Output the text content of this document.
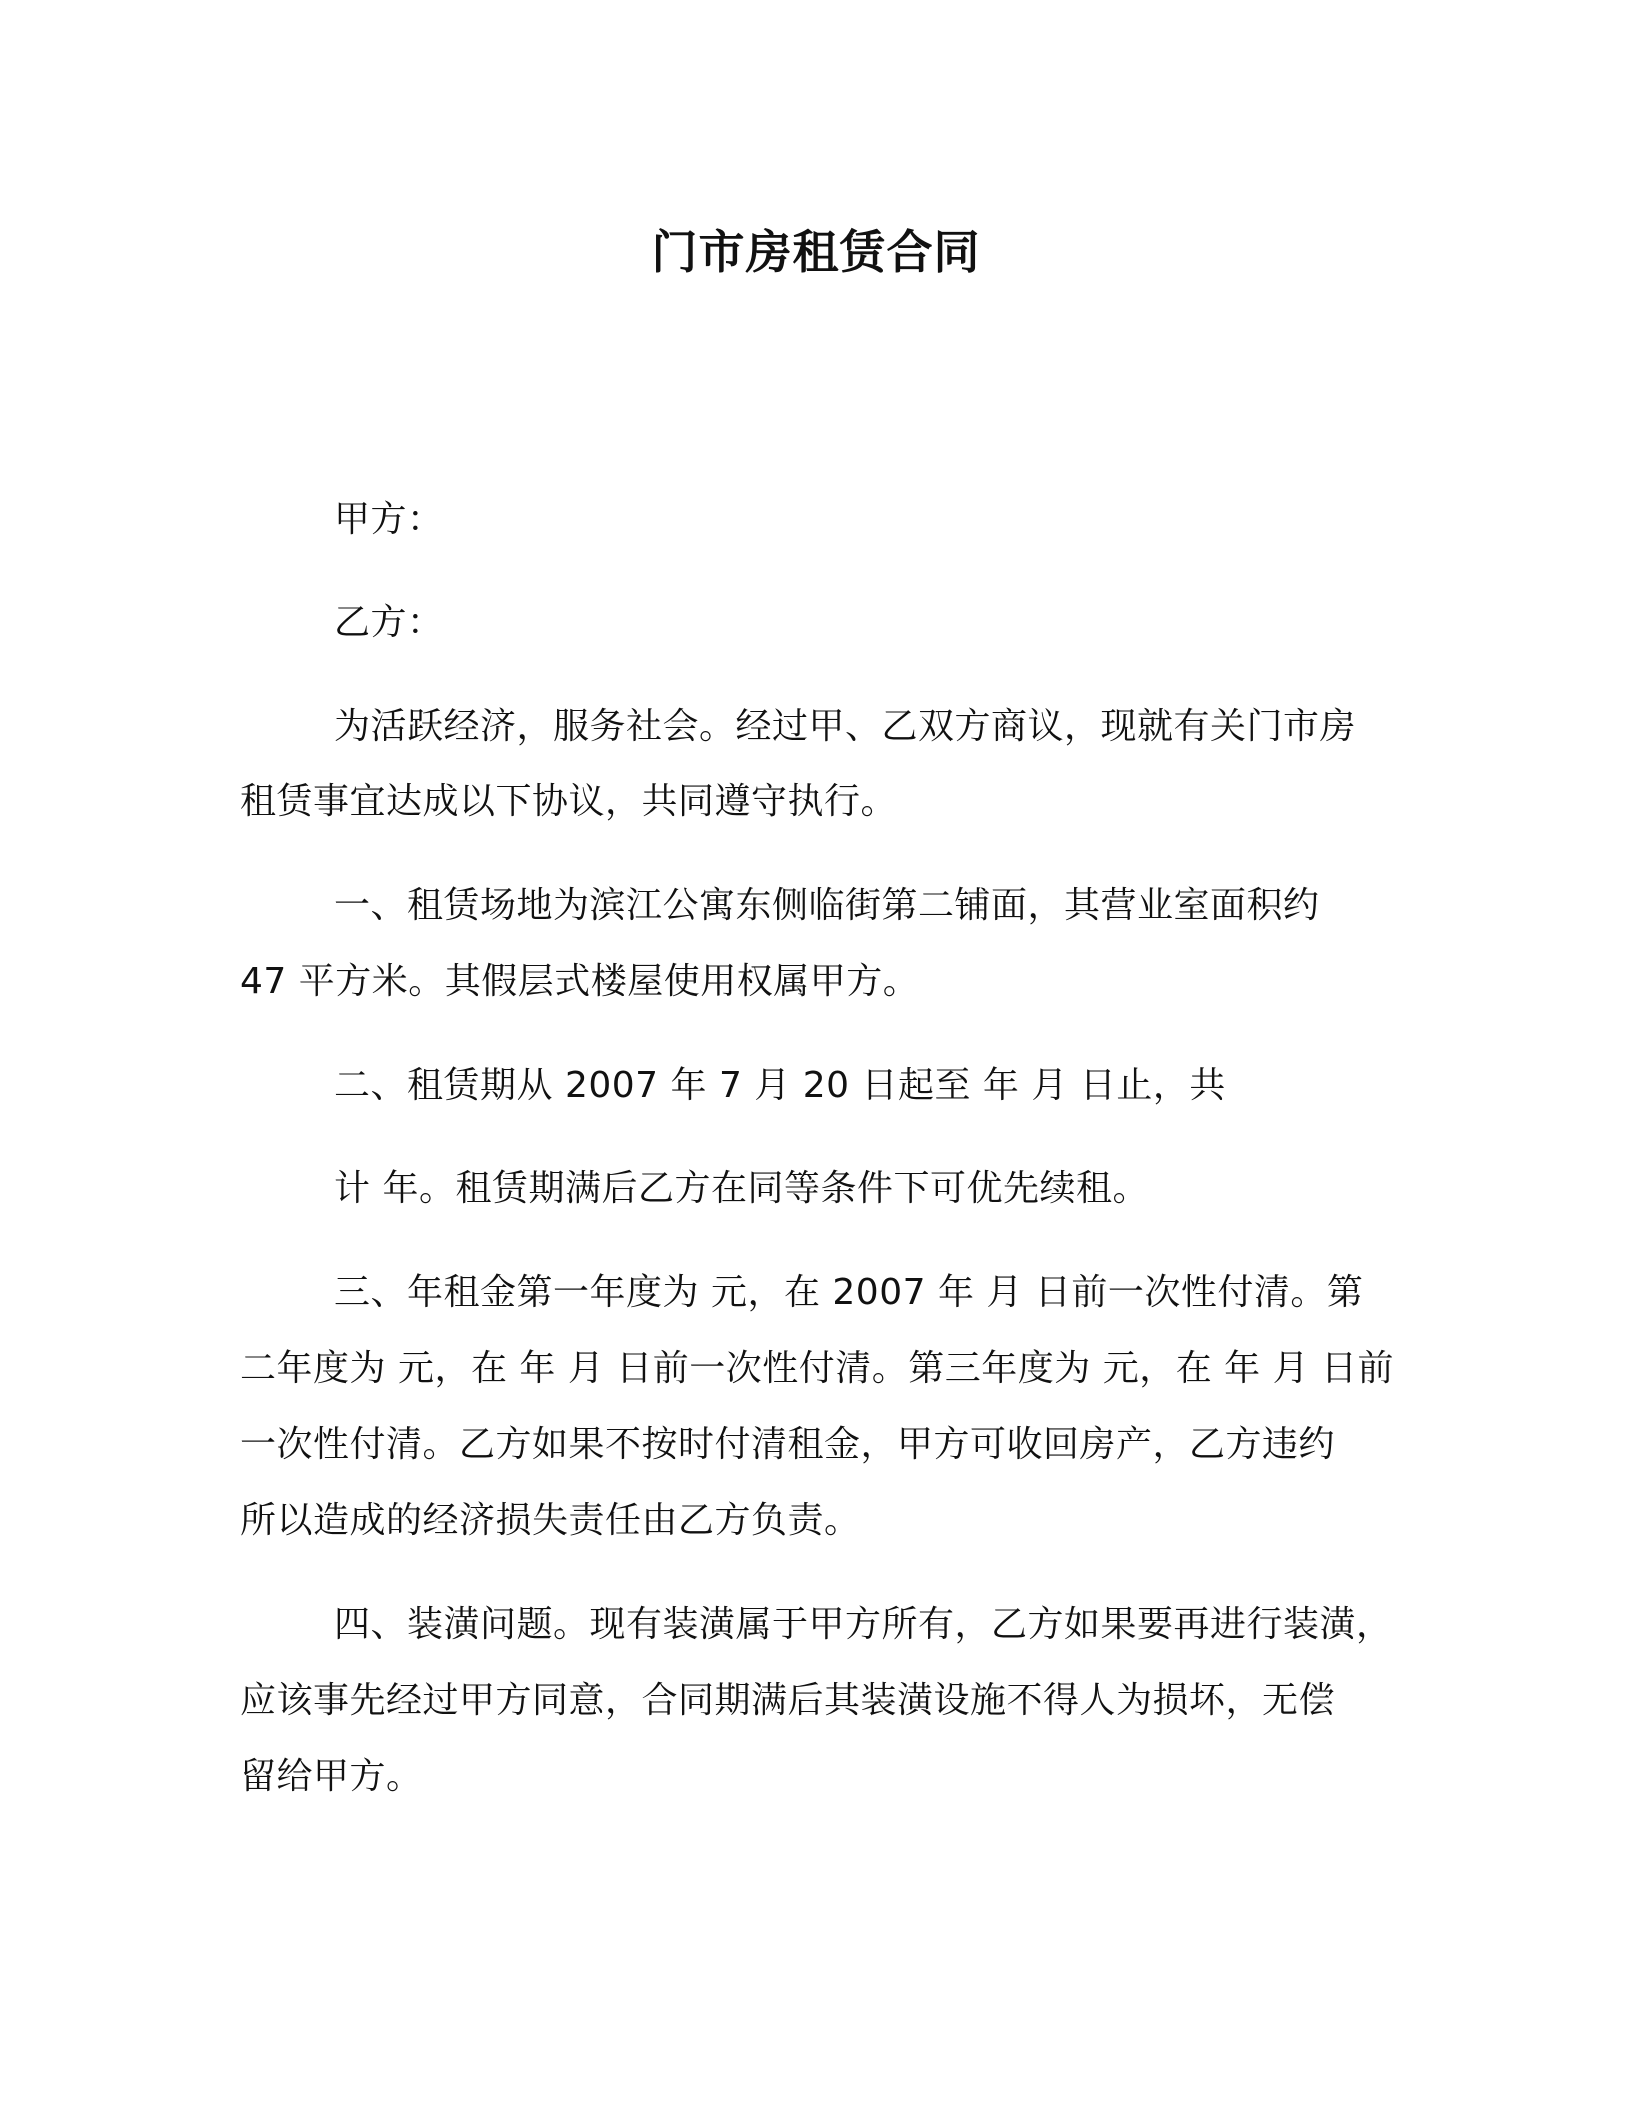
门市房租赁合同
甲方：
乙方：
为活跃经济，服务社会。经过甲、乙双方商议，现就有关门市房
租赁事宜达成以下协议，共同遵守执行。
一、租赁场地为滨江公寓东侧临街第二铺面，其营业室面积约
47 平方米。其假层式楼屋使用权属甲方。
二、租赁期从 2007 年 7 月 20 日起至 年 月 日止，共
计 年。租赁期满后乙方在同等条件下可优先续租。
三、年租金第一年度为 元，在 2007 年 月 日前一次性付清。第
二年度为 元，在 年 月 日前一次性付清。第三年度为 元，在 年 月 日前
一次性付清。乙方如果不按时付清租金，甲方可收回房产，乙方违约
所以造成的经济损失责任由乙方负责。
四、装潢问题。现有装潢属于甲方所有，乙方如果要再进行装潢，
应该事先经过甲方同意，合同期满后其装潢设施不得人为损坏，无偿
留给甲方。
